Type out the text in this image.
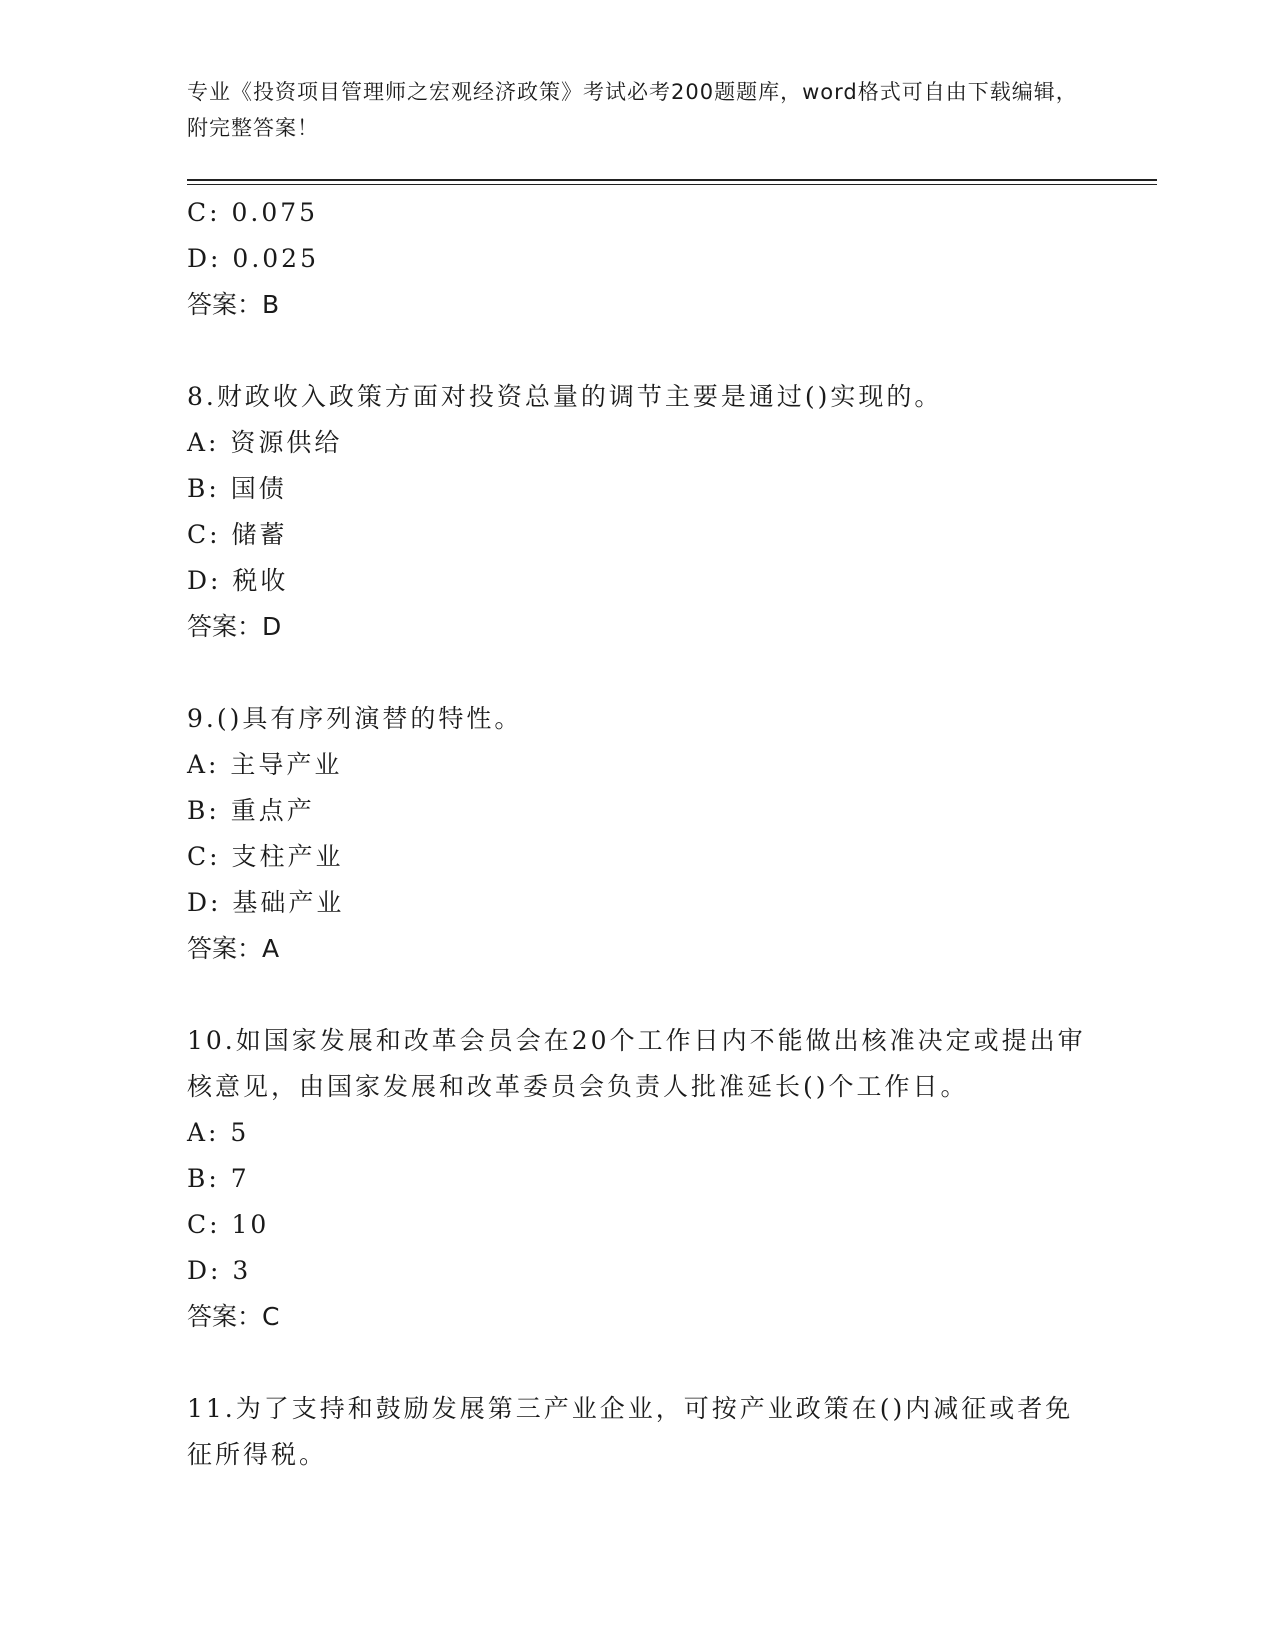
专业《投资项目管理师之宏观经济政策》考试必考200题题库，word格式可自由下载编辑，附完整答案！
C: 0.075
D: 0.025
答案：B
8.财政收入政策方面对投资总量的调节主要是通过()实现的。
A: 资源供给
B: 国债
C: 储蓄
D: 税收
答案：D
9.()具有序列演替的特性。
A: 主导产业
B: 重点产
C: 支柱产业
D: 基础产业
答案：A
10.如国家发展和改革会员会在20个工作日内不能做出核准决定或提出审核意见，由国家发展和改革委员会负责人批准延长()个工作日。
A: 5
B: 7
C: 10
D: 3
答案：C
11.为了支持和鼓励发展第三产业企业，可按产业政策在()内减征或者免征所得税。
